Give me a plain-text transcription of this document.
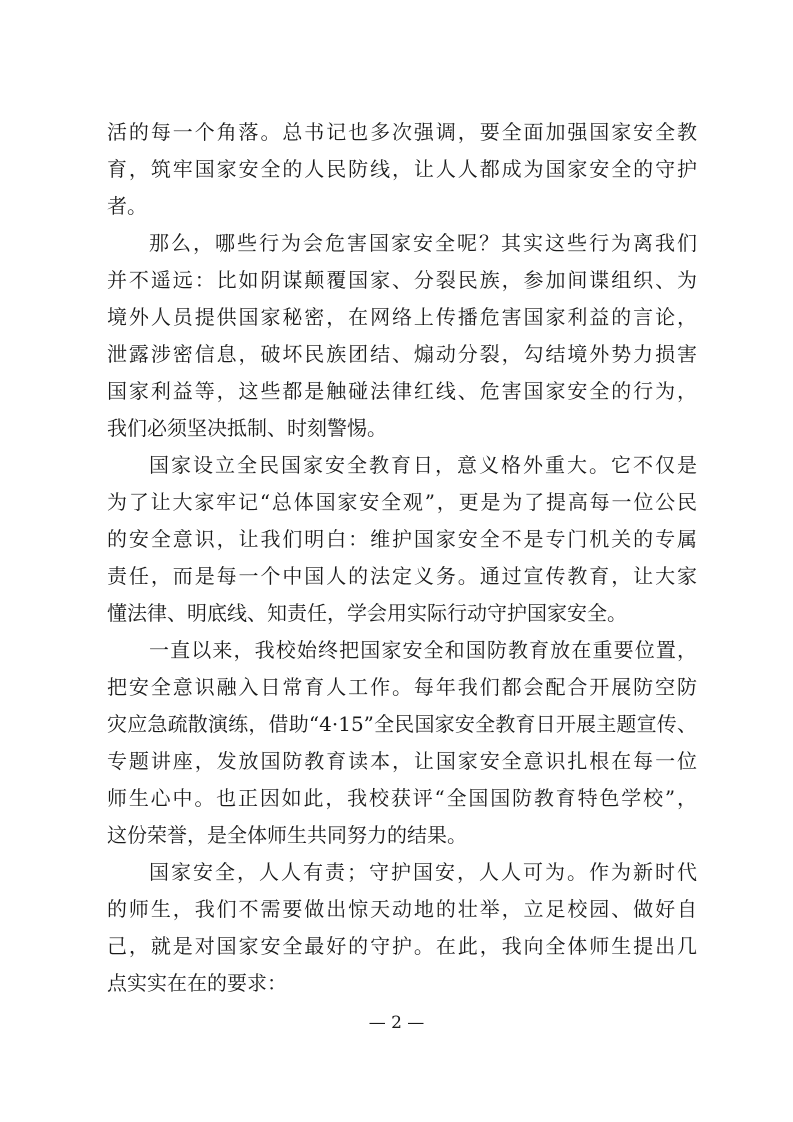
活的每一个角落。总书记也多次强调，要全面加强国家安全教
育，筑牢国家安全的人民防线，让人人都成为国家安全的守护
者。
那么，哪些行为会危害国家安全呢？其实这些行为离我们
并不遥远：比如阴谋颠覆国家、分裂民族，参加间谍组织、为
境外人员提供国家秘密，在网络上传播危害国家利益的言论，
泄露涉密信息，破坏民族团结、煽动分裂，勾结境外势力损害
国家利益等，这些都是触碰法律红线、危害国家安全的行为，
我们必须坚决抵制、时刻警惕。
国家设立全民国家安全教育日，意义格外重大。它不仅是
为了让大家牢记“总体国家安全观”，更是为了提高每一位公民
的安全意识，让我们明白：维护国家安全不是专门机关的专属
责任，而是每一个中国人的法定义务。通过宣传教育，让大家
懂法律、明底线、知责任，学会用实际行动守护国家安全。
一直以来，我校始终把国家安全和国防教育放在重要位置，
把安全意识融入日常育人工作。每年我们都会配合开展防空防
灾应急疏散演练，借助“4·15”全民国家安全教育日开展主题宣传、
专题讲座，发放国防教育读本，让国家安全意识扎根在每一位
师生心中。也正因如此，我校获评“全国国防教育特色学校”，
这份荣誉，是全体师生共同努力的结果。
国家安全，人人有责；守护国安，人人可为。作为新时代
的师生，我们不需要做出惊天动地的壮举，立足校园、做好自
己，就是对国家安全最好的守护。在此，我向全体师生提出几
点实实在在的要求：
— 2 —
